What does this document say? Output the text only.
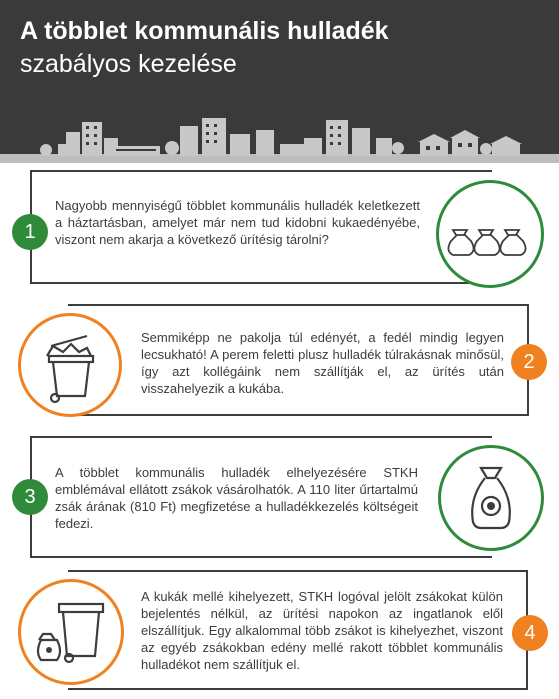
A többlet kommunális hulladék
szabályos kezelése
1
Nagyobb mennyiségű többlet kommunális hulladék keletkezett a háztartásban, amelyet már nem tud kidobni kukaedényébe, viszont nem akarja a következő ürítésig tárolni?
Semmiképp ne pakolja túl edényét, a fedél mindig legyen lecsukható! A perem feletti plusz hulladék túlrakásnak minősül, így azt kollégáink nem szállítják el, az ürítés után visszahelyezik a kukába.
2
3
A többlet kommunális hulladék elhelyezésére STKH emblémával ellátott zsákok vásárolhatók. A 110 liter űrtartalmú zsák árának (810 Ft) megfizetése a hulladékkezelés költségeit fedezi.
A kukák mellé kihelyezett, STKH logóval jelölt zsákokat külön bejelentés nélkül, az ürítési napokon az ingatlanok elől elszállítjuk. Egy alkalommal több zsákot is kihelyezhet, viszont az egyéb zsákokban edény mellé rakott többlet kommunális hulladékot nem szállítjuk el.
4
